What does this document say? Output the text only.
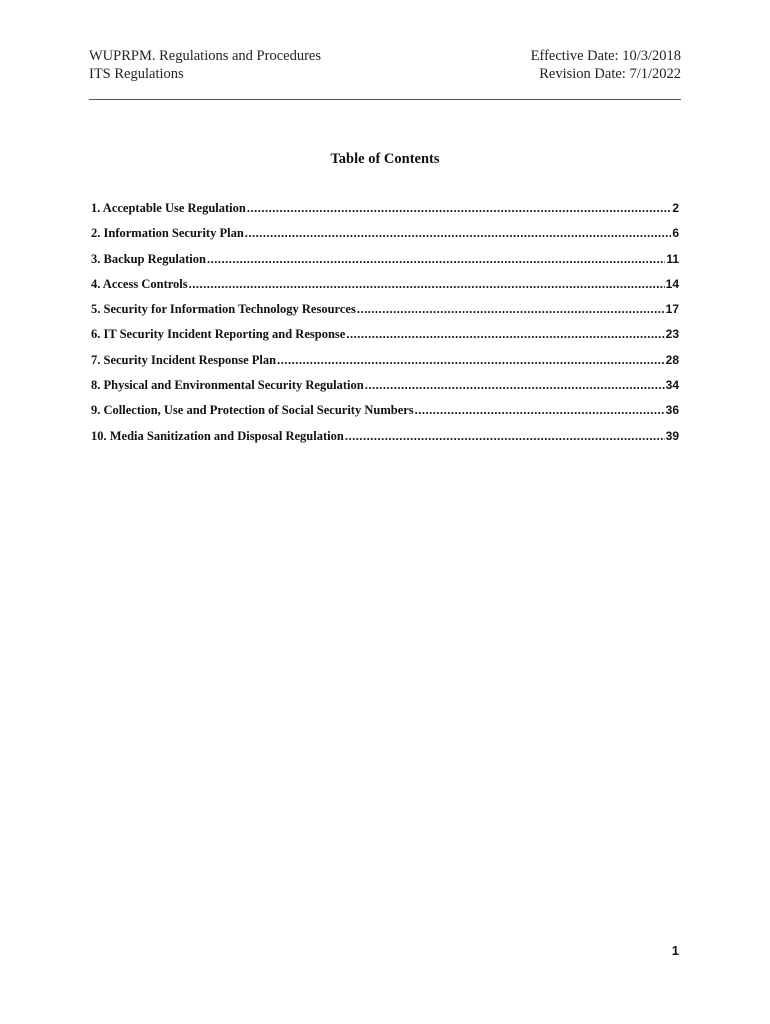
WUPRPM. Regulations and Procedures
ITS Regulations
Effective Date: 10/3/2018
Revision Date: 7/1/2022
Table of Contents
1. Acceptable Use Regulation .....	2
2. Information Security Plan .....	6
3. Backup Regulation .....	11
4. Access Controls .....	14
5. Security for Information Technology Resources .....	17
6. IT Security Incident Reporting and Response .....	23
7. Security Incident Response Plan .....	28
8. Physical and Environmental Security Regulation .....	34
9. Collection, Use and Protection of Social Security Numbers .....	36
10. Media Sanitization and Disposal Regulation .....	39
1
